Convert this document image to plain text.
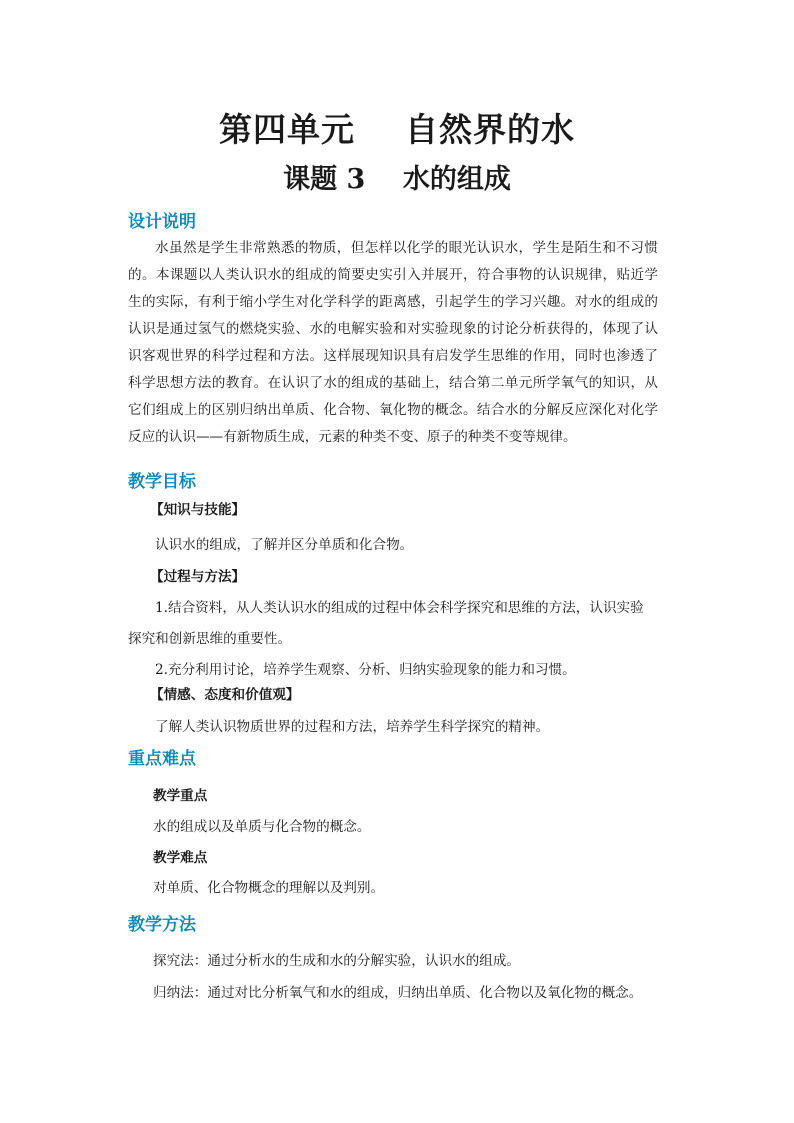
第四单元    自然界的水
课题 3    水的组成
设计说明

水虽然是学生非常熟悉的物质，但怎样以化学的眼光认识水，学生是陌生和不习惯的。本课题以人类认识水的组成的简要史实引入并展开，符合事物的认识规律，贴近学生的实际，有利于缩小学生对化学科学的距离感，引起学生的学习兴趣。对水的组成的认识是通过氢气的燃烧实验、水的电解实验和对实验现象的讨论分析获得的，体现了认识客观世界的科学过程和方法。这样展现知识具有启发学生思维的作用，同时也渗透了科学思想方法的教育。在认识了水的组成的基础上，结合第二单元所学氧气的知识，从它们组成上的区别归纳出单质、化合物、氧化物的概念。结合水的分解反应深化对化学反应的认识——有新物质生成，元素的种类不变、原子的种类不变等规律。

教学目标
【知识与技能】
认识水的组成，了解并区分单质和化合物。
【过程与方法】
1.结合资料，从人类认识水的组成的过程中体会科学探究和思维的方法，认识实验
探究和创新思维的重要性。
2.充分利用讨论，培养学生观察、分析、归纳实验现象的能力和习惯。
【情感、态度和价值观】
了解人类认识物质世界的过程和方法，培养学生科学探究的精神。
重点难点
教学重点
水的组成以及单质与化合物的概念。
教学难点
对单质、化合物概念的理解以及判别。
教学方法
探究法：通过分析水的生成和水的分解实验，认识水的组成。
归纳法：通过对比分析氧气和水的组成，归纳出单质、化合物以及氧化物的概念。
